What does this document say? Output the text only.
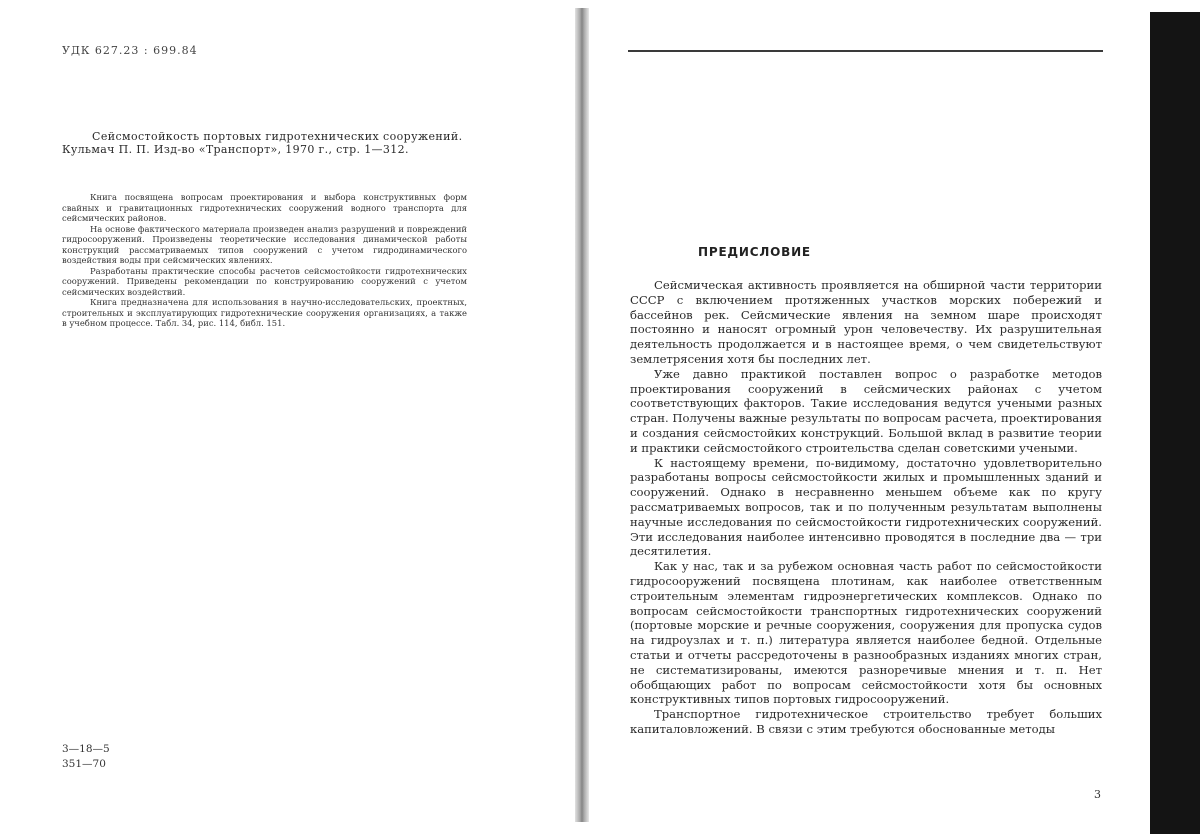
УДК 627.23 : 699.84
Сейсмостойкость портовых гидротехнических сооружений.
Кульмач П. П. Изд-во «Транспорт», 1970 г., стр. 1—312.

Книга посвящена вопросам проектирования и выбора конструктивных форм свайных и гравитационных гидротехнических сооружений водного транспорта для сейсмических районов.

На основе фактического материала произведен анализ разрушений и повреждений гидросооружений. Произведены теоретические исследования динамической работы конструкций рассматриваемых типов сооружений с учетом гидродинамического воздействия воды при сейсмических явлениях.

Разработаны практические способы расчетов сейсмостойкости гидротехнических сооружений. Приведены рекомендации по конструированию сооружений с учетом сейсмических воздействий.

Книга предназначена для использования в научно-исследовательских, проектных, строительных и эксплуатирующих гидротехнические сооружения организациях, а также в учебном процессе. Табл. 34, рис. 114, библ. 151.

3—18—5
351—70
ПРЕДИСЛОВИЕ

Сейсмическая активность проявляется на обширной части территории СССР с включением протяженных участков морских побережий и бассейнов рек. Сейсмические явления на земном шаре происходят постоянно и наносят огромный урон человечеству. Их разрушительная деятельность продолжается и в настоящее время, о чем свидетельствуют землетрясения хотя бы последних лет.

Уже давно практикой поставлен вопрос о разработке методов проектирования сооружений в сейсмических районах с учетом соответствующих факторов. Такие исследования ведутся учеными разных стран. Получены важные результаты по вопросам расчета, проектирования и создания сейсмостойких конструкций. Большой вклад в развитие теории и практики сейсмостойкого строительства сделан советскими учеными.

К настоящему времени, по-видимому, достаточно удовлетворительно разработаны вопросы сейсмостойкости жилых и промышленных зданий и сооружений. Однако в несравненно меньшем объеме как по кругу рассматриваемых вопросов, так и по полученным результатам выполнены научные исследования по сейсмостойкости гидротехнических сооружений. Эти исследования наиболее интенсивно проводятся в последние два — три десятилетия.

Как у нас, так и за рубежом основная часть работ по сейсмостойкости гидросооружений посвящена плотинам, как наиболее ответственным строительным элементам гидроэнергетических комплексов. Однако по вопросам сейсмостойкости транспортных гидротехнических сооружений (портовые морские и речные сооружения, сооружения для пропуска судов на гидроузлах и т. п.) литература является наиболее бедной. Отдельные статьи и отчеты рассредоточены в разнообразных изданиях многих стран, не систематизированы, имеются разноречивые мнения и т. п. Нет обобщающих работ по вопросам сейсмостойкости хотя бы основных конструктивных типов портовых гидросооружений.

Транспортное гидротехническое строительство требует больших капиталовложений. В связи с этим требуются обоснованные методы

3
